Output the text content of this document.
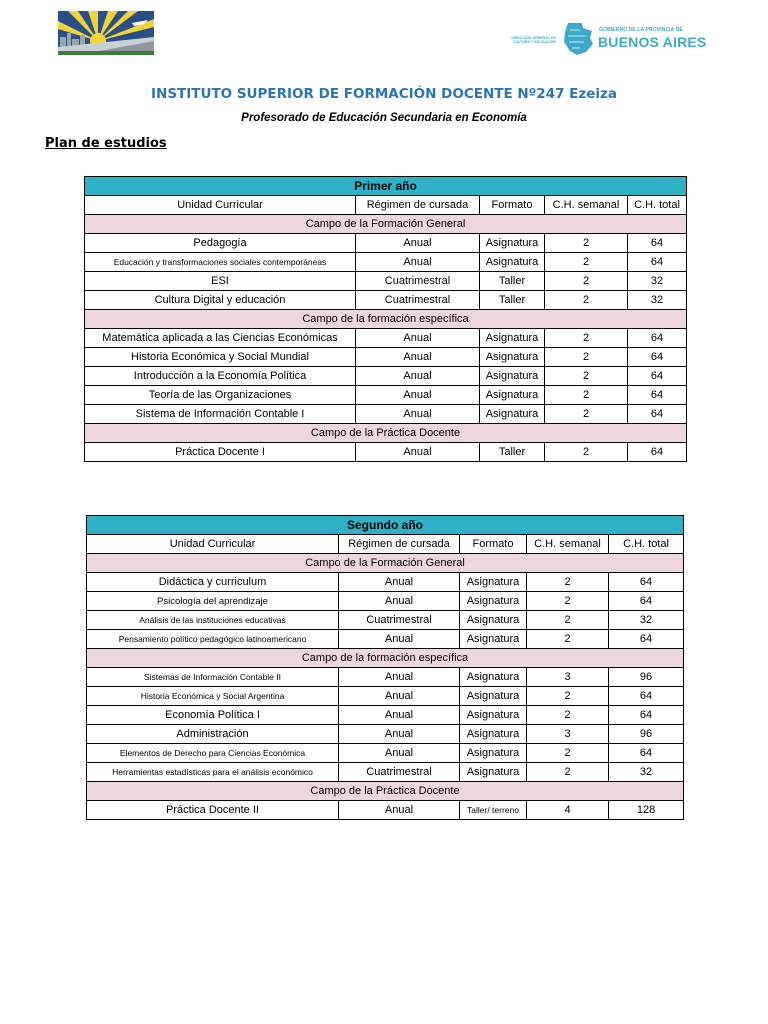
DIRECCIÓN GENERAL DE
CULTURA Y EDUCACIÓN
GOBIERNO DE LA PROVINCIA DE
BUENOS AIRES
INSTITUTO SUPERIOR DE FORMACIÓN DOCENTE Nº247 Ezeiza
Profesorado de Educación Secundaria en Economía
Plan de estudios
Primer año				
Unidad Curricular	Régimen de cursada	Formato	C.H. semanal	C.H. total
Campo de la Formación General				
Pedagogía	Anual	Asignatura	2	64
Educación y transformaciones sociales contemporáneas	Anual	Asignatura	2	64
ESI	Cuatrimestral	Taller	2	32
Cultura Digital y educación	Cuatrimestral	Taller	2	32
Campo de la formación específica				
Matemática aplicada a las Ciencias Económicas	Anual	Asignatura	2	64
Historia Económica y Social Mundial	Anual	Asignatura	2	64
Introducción a la Economía Política	Anual	Asignatura	2	64
Teoría de las Organizaciones	Anual	Asignatura	2	64
Sistema de Información Contable I	Anual	Asignatura	2	64
Campo de la Práctica Docente				
Práctica Docente I	Anual	Taller	2	64
Segundo año				
Unidad Curricular	Régimen de cursada	Formato	C.H. semanal	C.H. total
Campo de la Formación General				
Didáctica y curriculum	Anual	Asignatura	2	64
Psicología del aprendizaje	Anual	Asignatura	2	64
Análisis de las instituciones educativas	Cuatrimestral	Asignatura	2	32
Pensamiento político pedagógico latinoamericano	Anual	Asignatura	2	64
Campo de la formación específica				
Sistemas de Información Contable II	Anual	Asignatura	3	96
Historia Económica y Social Argentina	Anual	Asignatura	2	64
Economía Política I	Anual	Asignatura	2	64
Administración	Anual	Asignatura	3	96
Elementos de Derecho para Ciencias Económica	Anual	Asignatura	2	64
Herramientas estadísticas para el análisis económico	Cuatrimestral	Asignatura	2	32
Campo de la Práctica Docente				
Práctica Docente II	Anual	Taller/ terreno	4	128
